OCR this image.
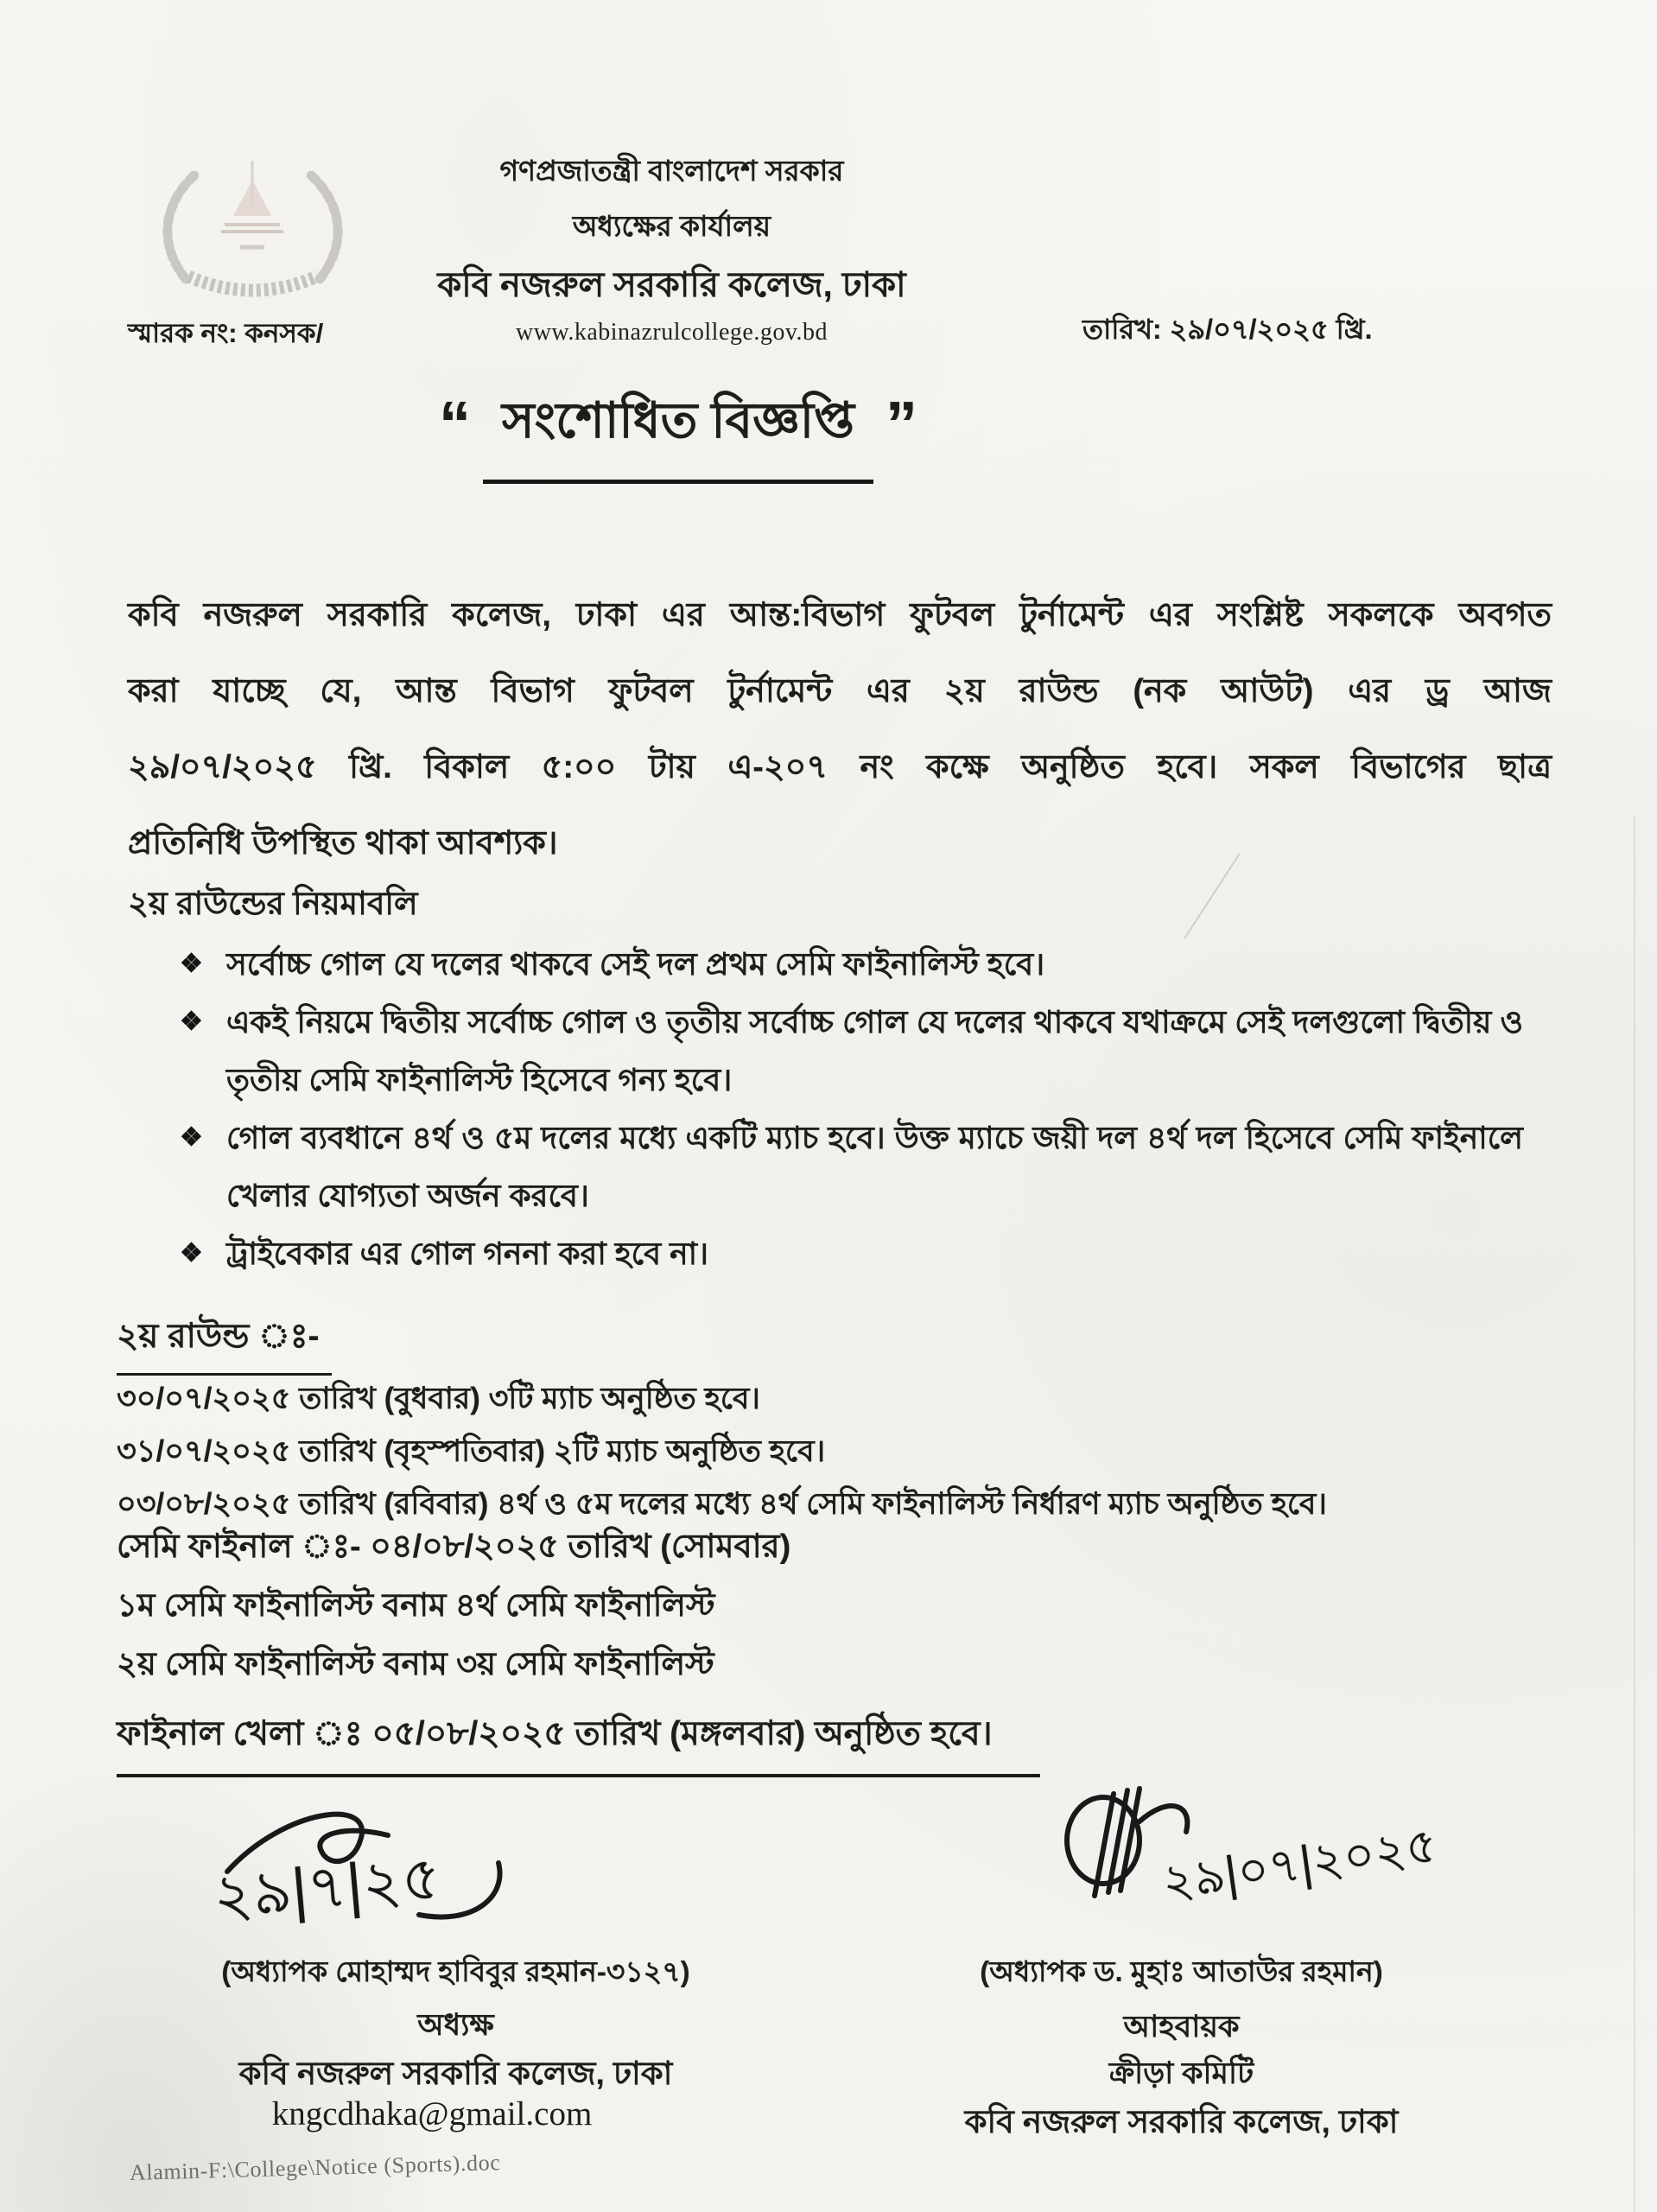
গণপ্রজাতন্ত্রী বাংলাদেশ সরকার
অধ্যক্ষের কার্যালয়
কবি নজরুল সরকারি কলেজ, ঢাকা
www.kabinazrulcollege.gov.bd
স্মারক নং: কনসক/	তারিখ: ২৯/০৭/২০২৫ খ্রি.
“ সংশোধিত বিজ্ঞপ্তি ”
কবি নজরুল সরকারি কলেজ, ঢাকা এর আন্ত:বিভাগ ফুটবল টুর্নামেন্ট এর সংশ্লিষ্ট সকলকে অবগত
করা যাচ্ছে যে, আন্ত বিভাগ ফুটবল টুর্নামেন্ট এর ২য় রাউন্ড (নক আউট) এর ড্র আজ
২৯/০৭/২০২৫ খ্রি. বিকাল ৫:০০ টায় এ-২০৭ নং কক্ষে অনুষ্ঠিত হবে। সকল বিভাগের ছাত্র
প্রতিনিধি উপস্থিত থাকা আবশ্যক।
২য় রাউন্ডের নিয়মাবলি
❖ সর্বোচ্চ গোল যে দলের থাকবে সেই দল প্রথম সেমি ফাইনালিস্ট হবে।
❖ একই নিয়মে দ্বিতীয় সর্বোচ্চ গোল ও তৃতীয় সর্বোচ্চ গোল যে দলের থাকবে যথাক্রমে সেই দলগুলো দ্বিতীয় ও তৃতীয় সেমি ফাইনালিস্ট হিসেবে গন্য হবে।
❖ গোল ব্যবধানে ৪র্থ ও ৫ম দলের মধ্যে একটি ম্যাচ হবে। উক্ত ম্যাচে জয়ী দল ৪র্থ দল হিসেবে সেমি ফাইনালে খেলার যোগ্যতা অর্জন করবে।
❖ ট্রাইবেকার এর গোল গননা করা হবে না।
২য় রাউন্ড ঃ-
৩০/০৭/২০২৫ তারিখ (বুধবার) ৩টি ম্যাচ অনুষ্ঠিত হবে।
৩১/০৭/২০২৫ তারিখ (বৃহস্পতিবার) ২টি ম্যাচ অনুষ্ঠিত হবে।
০৩/০৮/২০২৫ তারিখ (রবিবার) ৪র্থ ও ৫ম দলের মধ্যে ৪র্থ সেমি ফাইনালিস্ট নির্ধারণ ম্যাচ অনুষ্ঠিত হবে।
সেমি ফাইনাল ঃ- ০৪/০৮/২০২৫ তারিখ (সোমবার)
১ম সেমি ফাইনালিস্ট বনাম ৪র্থ সেমি ফাইনালিস্ট
২য় সেমি ফাইনালিস্ট বনাম ৩য় সেমি ফাইনালিস্ট
ফাইনাল খেলা ঃ ০৫/০৮/২০২৫ তারিখ (মঙ্গলবার) অনুষ্ঠিত হবে।
২৯|৭|২৫
(অধ্যাপক মোহাম্মদ হাবিবুর রহমান-৩১২৭)
অধ্যক্ষ
কবি নজরুল সরকারি কলেজ, ঢাকা
kngcdhaka@gmail.com
২৯|০৭|২০২৫
(অধ্যাপক ড. মুহাঃ আতাউর রহমান)
আহবায়ক
ক্রীড়া কমিটি
কবি নজরুল সরকারি কলেজ, ঢাকা
Alamin-F:\College\Notice (Sports).doc
